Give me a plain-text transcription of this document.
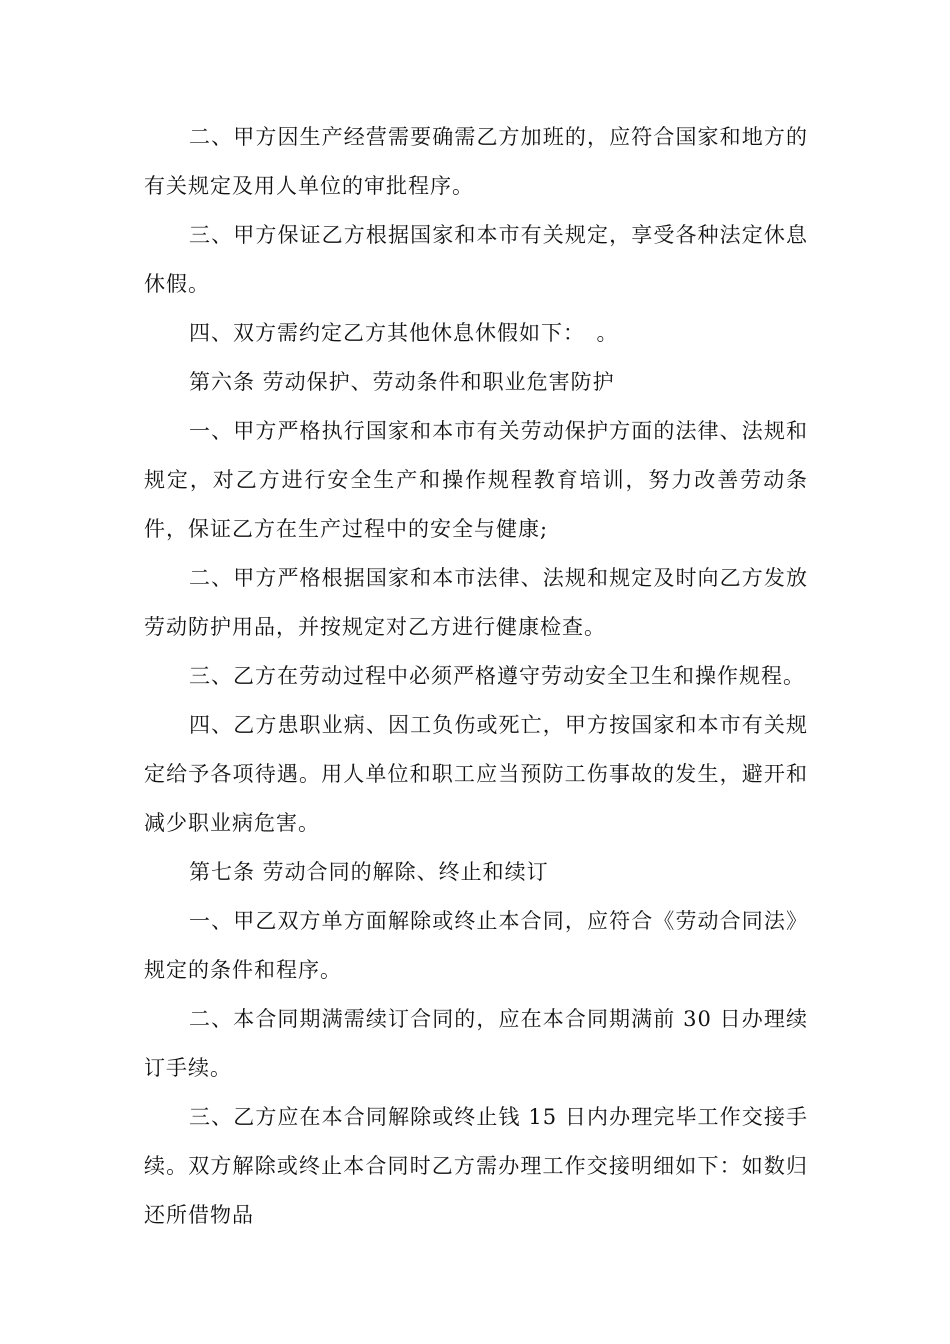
二、甲方因生产经营需要确需乙方加班的，应符合国家和地方的有关规定及用人单位的审批程序。

三、甲方保证乙方根据国家和本市有关规定，享受各种法定休息休假。

四、双方需约定乙方其他休息休假如下：　。

第六条 劳动保护、劳动条件和职业危害防护

一、甲方严格执行国家和本市有关劳动保护方面的法律、法规和规定，对乙方进行安全生产和操作规程教育培训，努力改善劳动条件，保证乙方在生产过程中的安全与健康;

二、甲方严格根据国家和本市法律、法规和规定及时向乙方发放劳动防护用品，并按规定对乙方进行健康检查。

三、乙方在劳动过程中必须严格遵守劳动安全卫生和操作规程。

四、乙方患职业病、因工负伤或死亡，甲方按国家和本市有关规定给予各项待遇。用人单位和职工应当预防工伤事故的发生，避开和减少职业病危害。

第七条 劳动合同的解除、终止和续订

一、甲乙双方单方面解除或终止本合同，应符合《劳动合同法》规定的条件和程序。

二、本合同期满需续订合同的，应在本合同期满前 30 日办理续订手续。

三、乙方应在本合同解除或终止钱 15 日内办理完毕工作交接手续。双方解除或终止本合同时乙方需办理工作交接明细如下：如数归还所借物品
